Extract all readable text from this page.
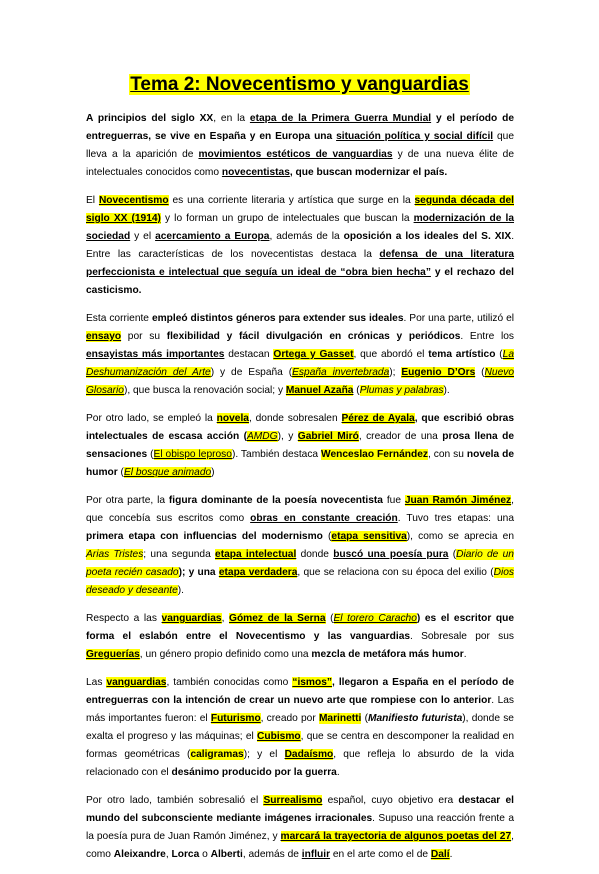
Tema 2: Novecentismo y vanguardias

A principios del siglo XX, en la etapa de la Primera Guerra Mundial y el período de entreguerras, se vive en España y en Europa una situación política y social difícil que lleva a la aparición de movimientos estéticos de vanguardias y de una nueva élite de intelectuales conocidos como novecentistas, que buscan modernizar el país.

El Novecentismo es una corriente literaria y artística que surge en la segunda década del siglo XX (1914) y lo forman un grupo de intelectuales que buscan la modernización de la sociedad y el acercamiento a Europa, además de la oposición a los ideales del S. XIX. Entre las características de los novecentistas destaca la defensa de una literatura perfeccionista e intelectual que seguía un ideal de “obra bien hecha” y el rechazo del casticismo.

Esta corriente empleó distintos géneros para extender sus ideales. Por una parte, utilizó el ensayo por su flexibilidad y fácil divulgación en crónicas y periódicos. Entre los ensayistas más importantes destacan Ortega y Gasset, que abordó el tema artístico (La Deshumanización del Arte) y de España (España invertebrada); Eugenio D’Ors (Nuevo Glosario), que busca la renovación social; y Manuel Azaña (Plumas y palabras).

Por otro lado, se empleó la novela, donde sobresalen Pérez de Ayala, que escribió obras intelectuales de escasa acción (AMDG), y Gabriel Miró, creador de una prosa llena de sensaciones (El obispo leproso). También destaca Wenceslao Fernández, con su novela de humor (El bosque animado)

Por otra parte, la figura dominante de la poesía novecentista fue Juan Ramón Jiménez, que concebía sus escritos como obras en constante creación. Tuvo tres etapas: una primera etapa con influencias del modernismo (etapa sensitiva), como se aprecia en Arias Tristes; una segunda etapa intelectual donde buscó una poesía pura (Diario de un poeta recién casado); y una etapa verdadera, que se relaciona con su época del exilio (Dios deseado y deseante).

Respecto a las vanguardias, Gómez de la Serna (El torero Caracho) es el escritor que forma el eslabón entre el Novecentismo y las vanguardias. Sobresale por sus Greguerías, un género propio definido como una mezcla de metáfora más humor.

Las vanguardias, también conocidas como “ismos”, llegaron a España en el período de entreguerras con la intención de crear un nuevo arte que rompiese con lo anterior. Las más importantes fueron: el Futurismo, creado por Marinetti (Manifiesto futurista), donde se exalta el progreso y las máquinas; el Cubismo, que se centra en descomponer la realidad en formas geométricas (caligramas); y el Dadaísmo, que refleja lo absurdo de la vida relacionado con el desánimo producido por la guerra.

Por otro lado, también sobresalió el Surrealismo español, cuyo objetivo era destacar el mundo del subconsciente mediante imágenes irracionales. Supuso una reacción frente a la poesía pura de Juan Ramón Jiménez, y marcará la trayectoria de algunos poetas del 27, como Aleixandre, Lorca o Alberti, además de influir en el arte como el de Dalí.
